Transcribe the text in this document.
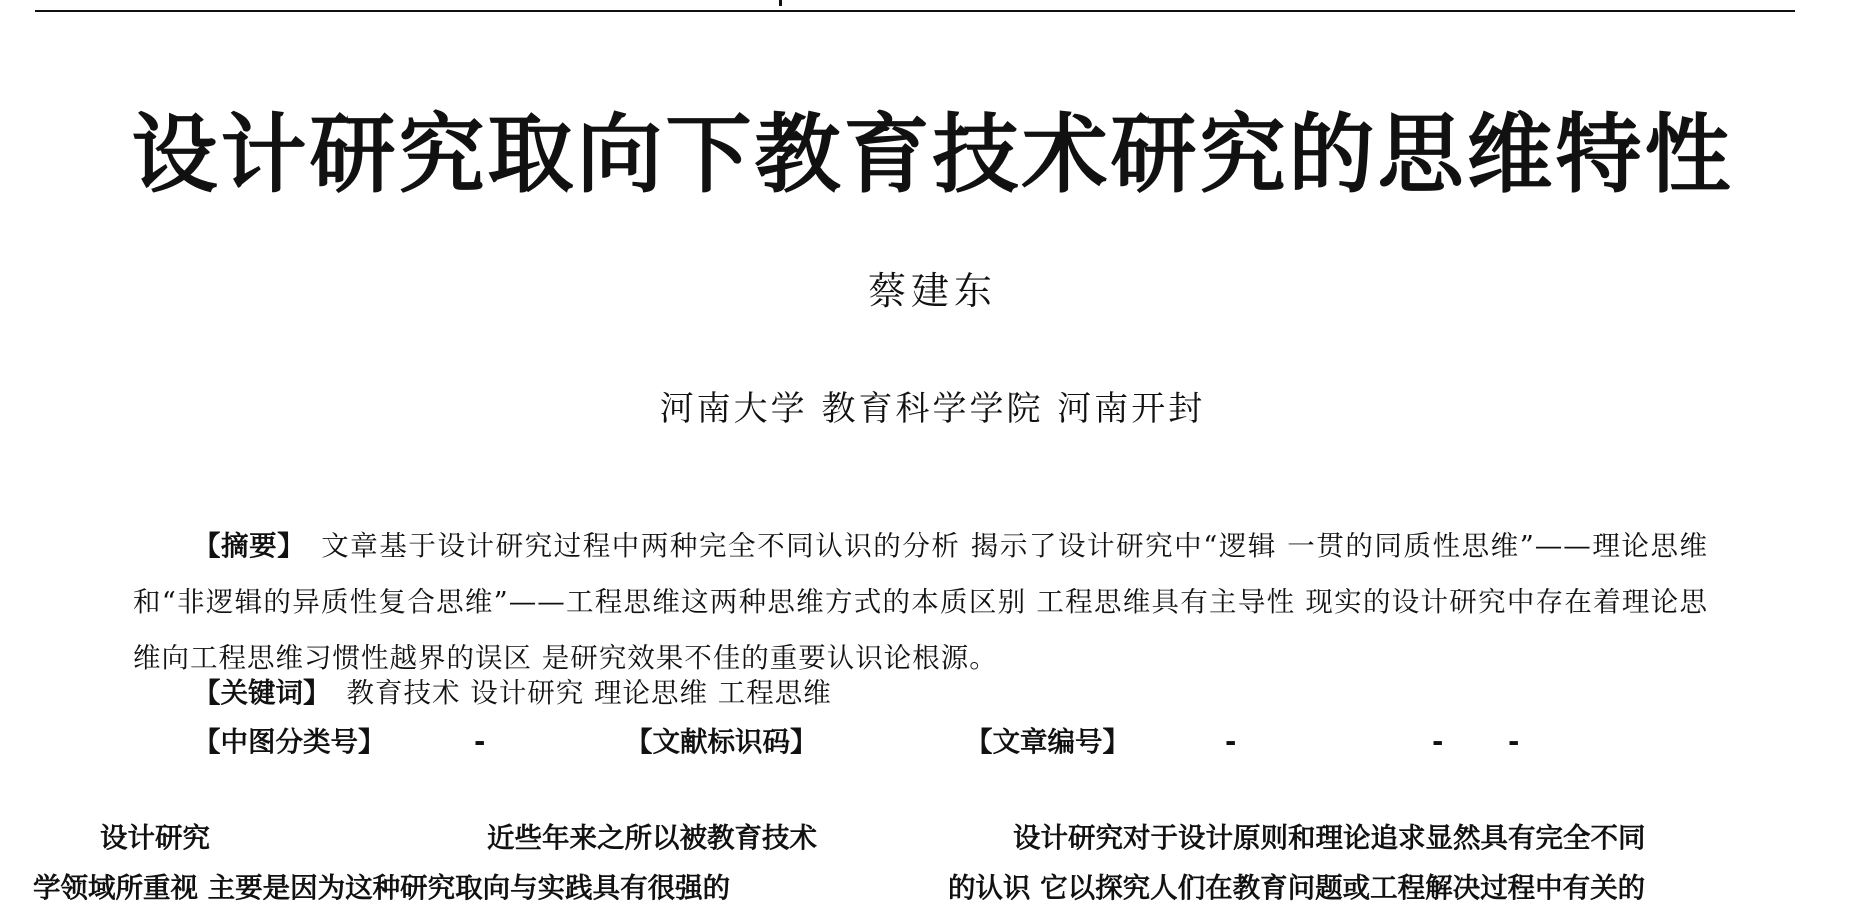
设计研究取向下教育技术研究的思维特性
蔡建东
河南大学 教育科学学院 河南开封
【摘要】 文章基于设计研究过程中两种完全不同认识的分析 揭示了设计研究中“逻辑 一贯的同质性思维”——理论思维和“非逻辑的异质性复合思维”——工程思维这两种思维方式的本质区别 工程思维具有主导性 现实的设计研究中存在着理论思维向工程思维习惯性越界的误区 是研究效果不佳的重要认识论根源。
【关键词】 教育技术 设计研究 理论思维 工程思维
【中图分类号】	-	【文献标识码】	【文章编号】	-	- -
设计研究
学领域所重视 主要是因为这种研究取向与实践具有很强的
近些年来之所以被教育技术	设计研究对于设计原则和理论追求显然具有完全不同
的认识 它以探究人们在教育问题或工程解决过程中有关的
